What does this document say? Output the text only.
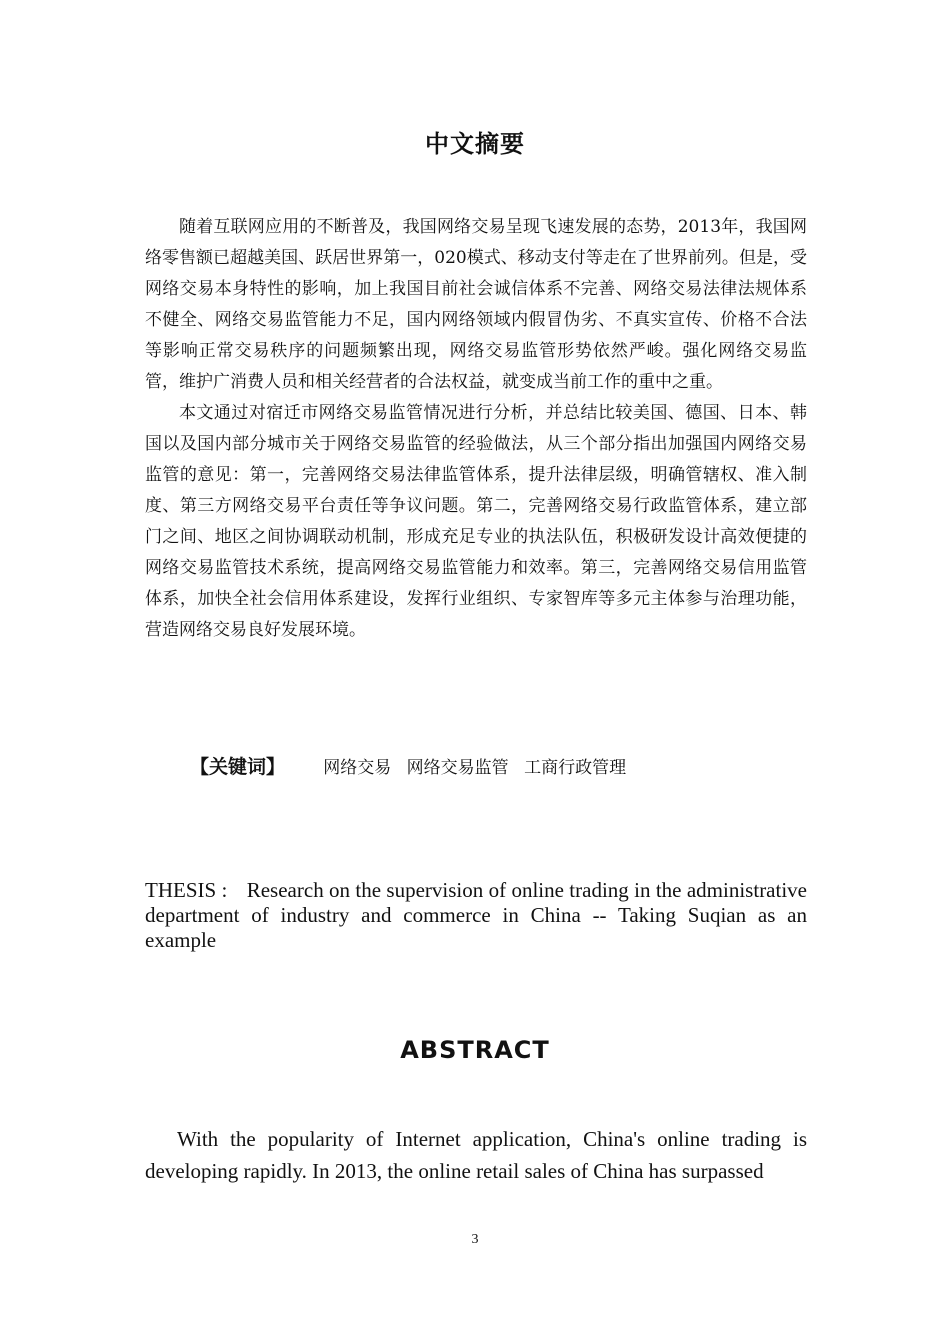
中文摘要

随着互联网应用的不断普及，我国网络交易呈现飞速发展的态势，2013年，我国网络零售额已超越美国、跃居世界第一，020模式、移动支付等走在了世界前列。但是，受网络交易本身特性的影响，加上我国目前社会诚信体系不完善、网络交易法律法规体系不健全、网络交易监管能力不足，国内网络领域内假冒伪劣、不真实宣传、价格不合法等影响正常交易秩序的问题频繁出现，网络交易监管形势依然严峻。强化网络交易监管，维护广消费人员和相关经营者的合法权益，就变成当前工作的重中之重。

本文通过对宿迁市网络交易监管情况进行分析，并总结比较美国、德国、日本、韩国以及国内部分城市关于网络交易监管的经验做法，从三个部分指出加强国内网络交易监管的意见：第一，完善网络交易法律监管体系，提升法律层级，明确管辖权、准入制度、第三方网络交易平台责任等争议问题。第二，完善网络交易行政监管体系，建立部门之间、地区之间协调联动机制，形成充足专业的执法队伍，积极研发设计高效便捷的网络交易监管技术系统，提高网络交易监管能力和效率。第三，完善网络交易信用监管体系，加快全社会信用体系建设，发挥行业组织、专家智库等多元主体参与治理功能，营造网络交易良好发展环境。

【关键词】 网络交易 网络交易监管 工商行政管理
THESIS : Research on the supervision of online trading in the administrative department of industry and commerce in China -- Taking Suqian as an example
ABSTRACT

With the popularity of Internet application, China's online trading is developing rapidly. In 2013, the online retail sales of China has surpassed

3
